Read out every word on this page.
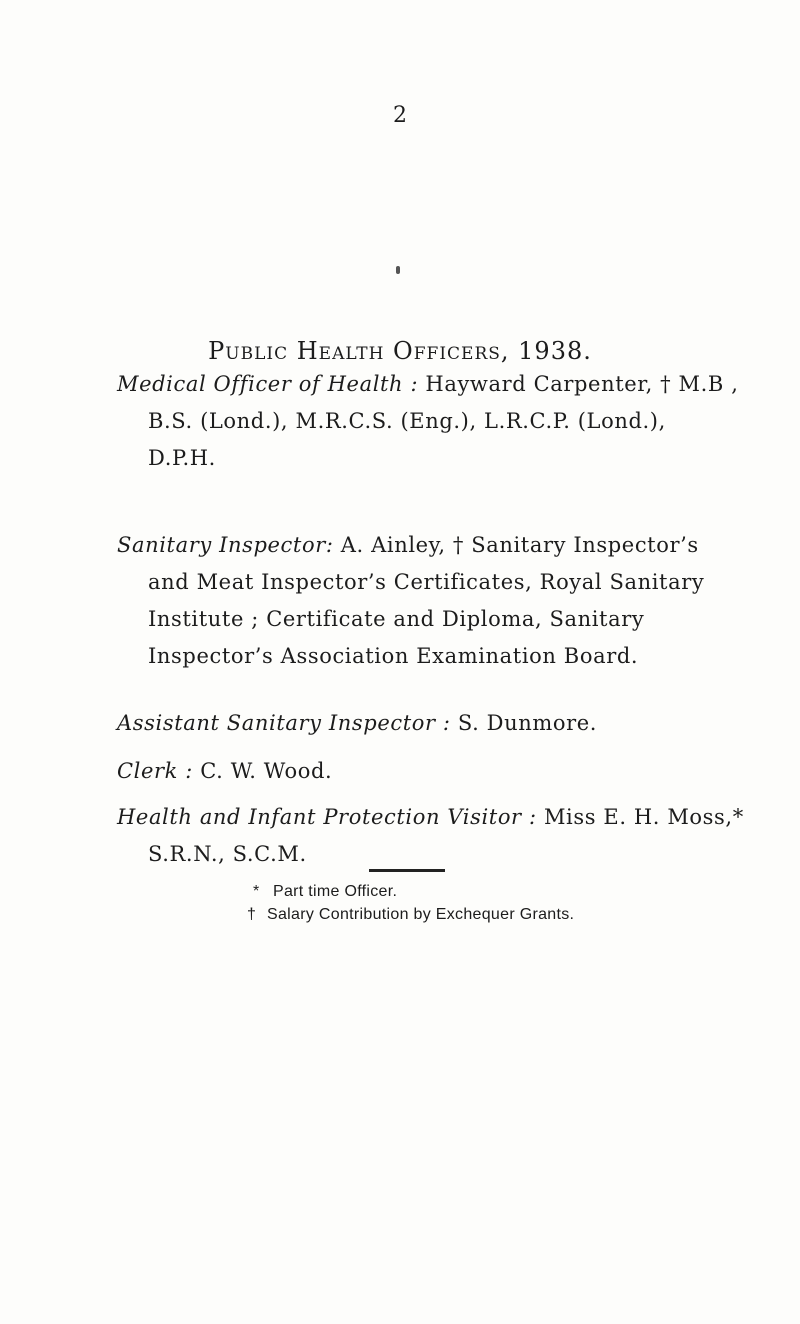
2
Public Health Officers, 1938.
Medical Officer of Health : Hayward Carpenter, † M.B ,
B.S. (Lond.), M.R.C.S. (Eng.), L.R.C.P. (Lond.),
D.P.H.
Sanitary Inspector: A. Ainley, † Sanitary Inspector’s
and Meat Inspector’s Certificates, Royal Sanitary
Institute ; Certificate and Diploma, Sanitary
Inspector’s Association Examination Board.
Assistant Sanitary Inspector : S. Dunmore.
Clerk : C. W. Wood.
Health and Infant Protection Visitor : Miss E. H. Moss,*
S.R.N., S.C.M.
* Part time Officer.
† Salary Contribution by Exchequer Grants.
